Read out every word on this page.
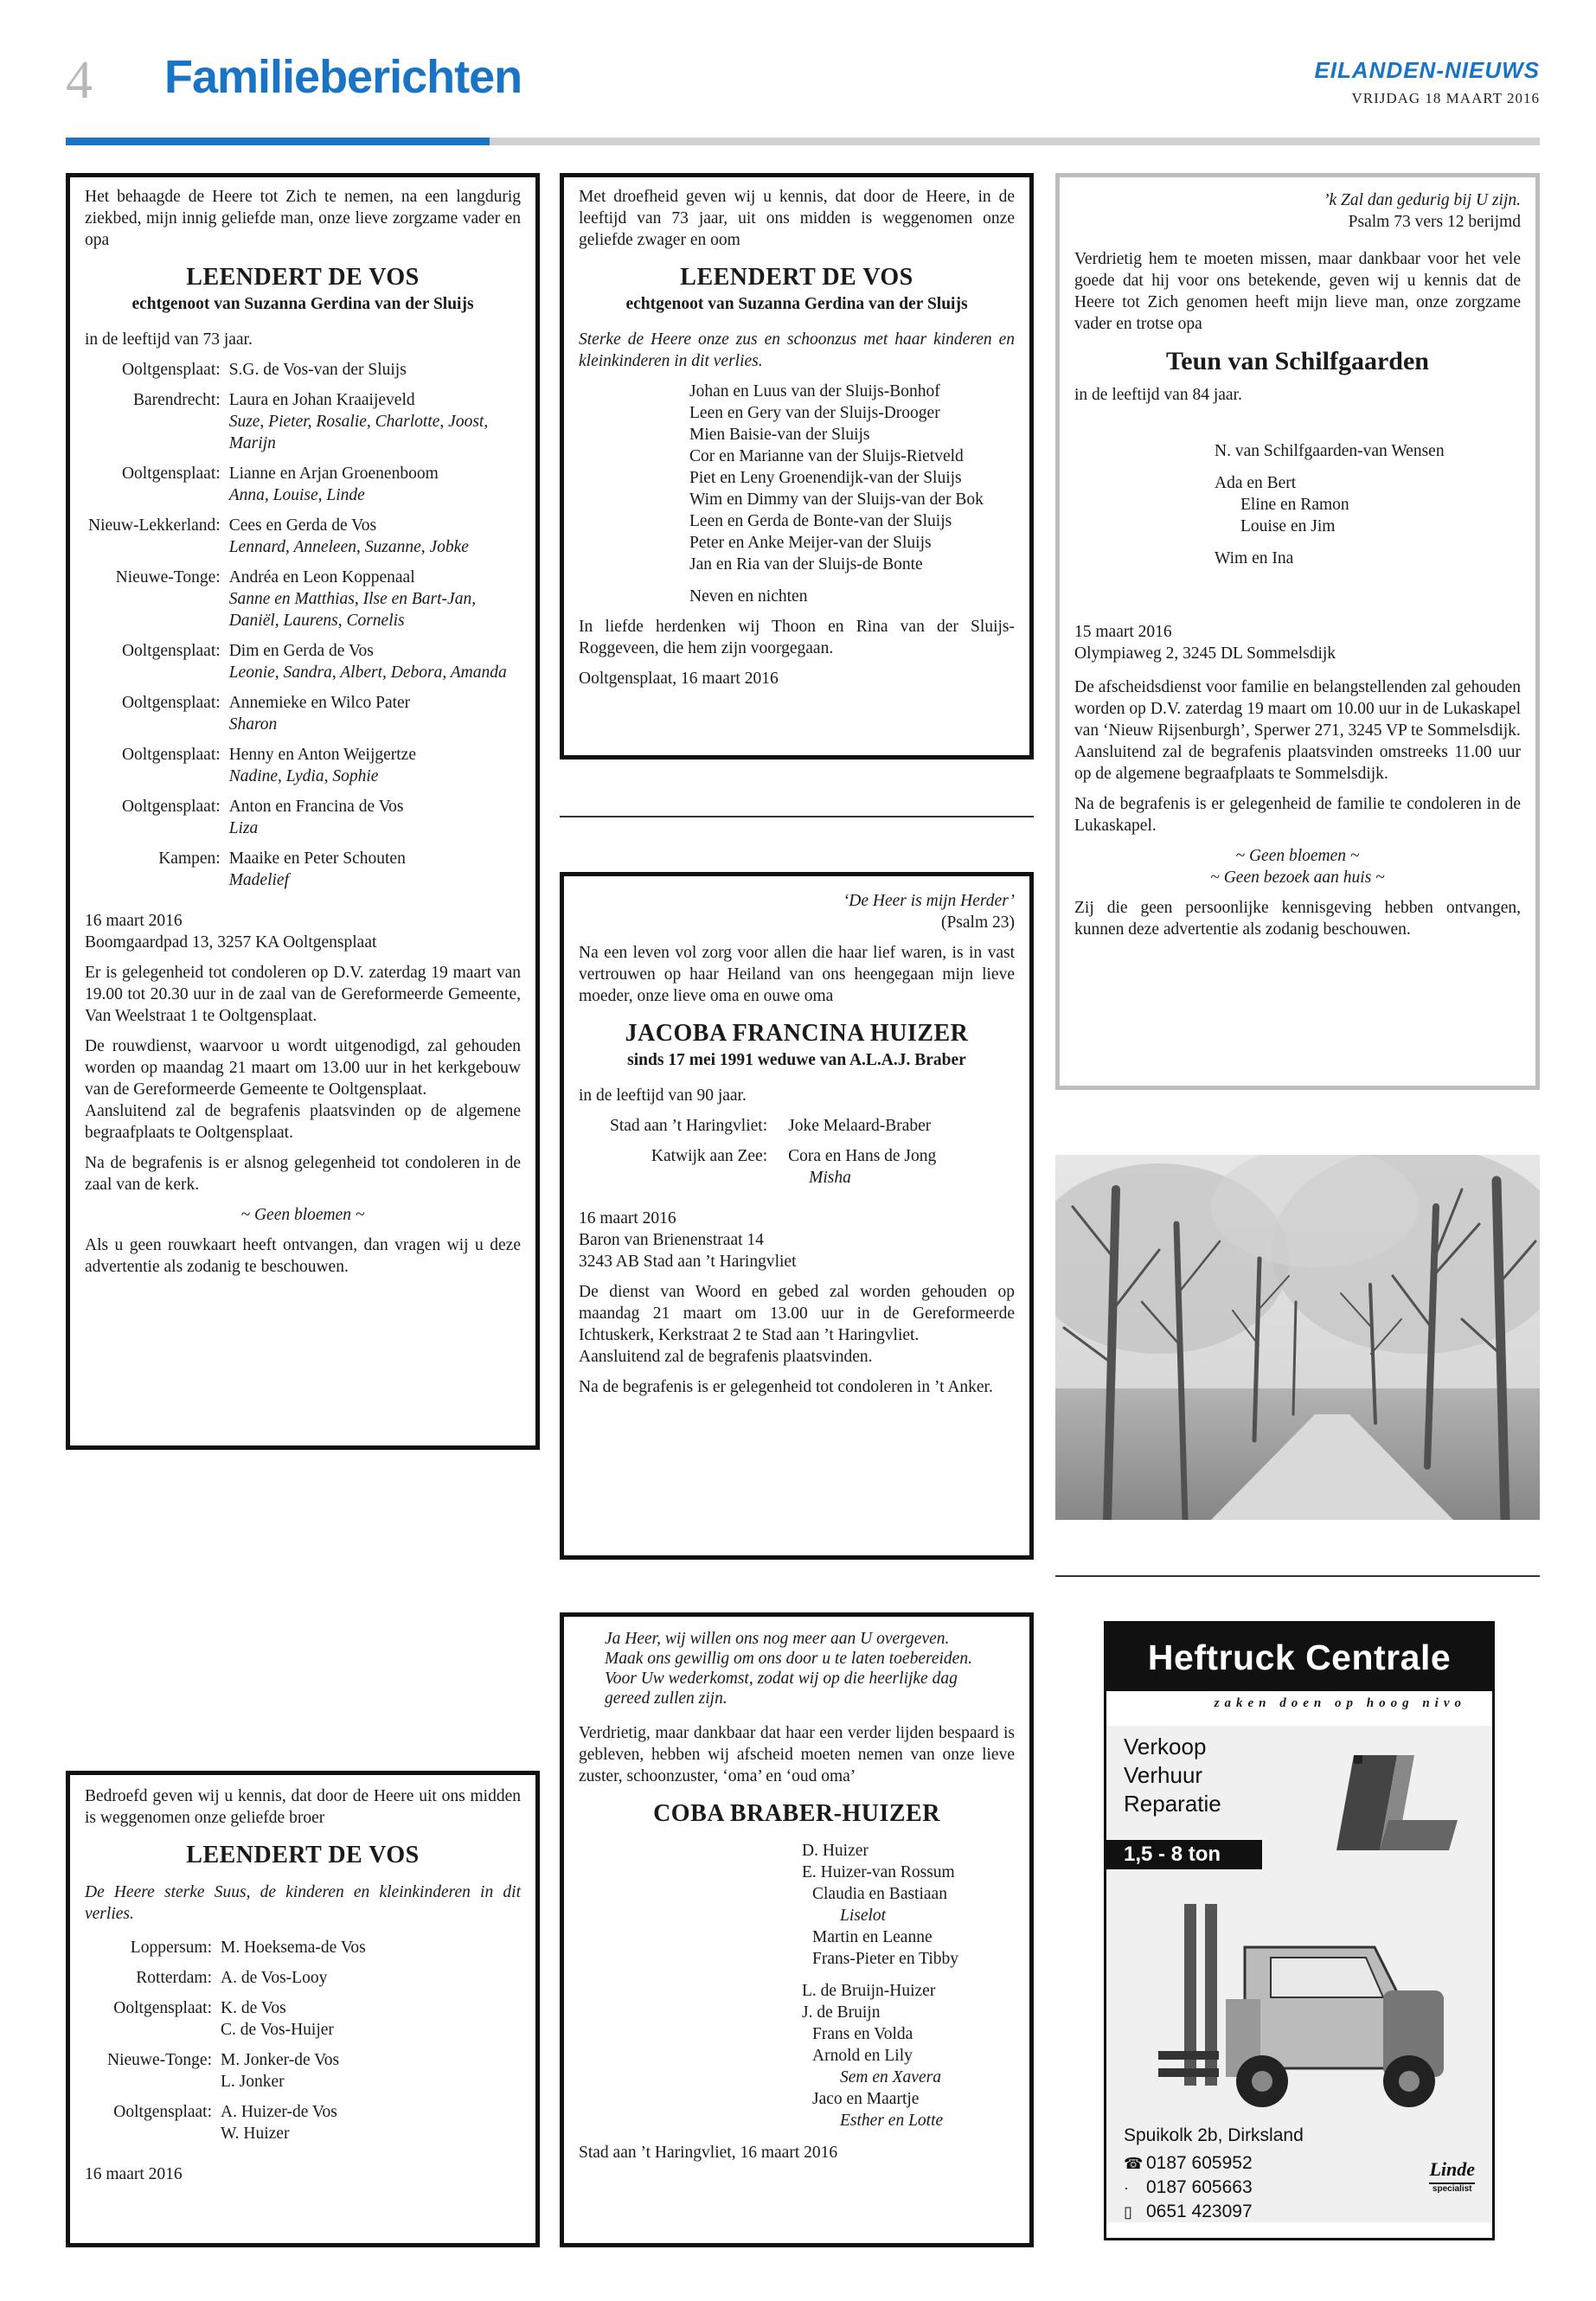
4 Familieberichten	EILANDEN-NIEUWS
VRIJDAG 18 MAART 2016

Het behaagde de Heere tot Zich te nemen, na een langdurig ziekbed, mijn innig geliefde man, onze lieve zorgzame vader en opa

LEENDERT DE VOS
echtgenoot van Suzanna Gerdina van der Sluijs

in de leeftijd van 73 jaar.

Ooltgensplaat:	S.G. de Vos-van der Sluijs
Barendrecht:	Laura en Johan Kraaijeveld
Suze, Pieter, Rosalie, Charlotte, Joost, Marijn

Ooltgensplaat:	Lianne en Arjan Groenenboom
Anna, Louise, Linde

Nieuw-Lekkerland:	Cees en Gerda de Vos
Lennard, Anneleen, Suzanne, Jobke

Nieuwe-Tonge:	Andréa en Leon Koppenaal
Sanne en Matthias, Ilse en Bart-Jan, Daniël, Laurens, Cornelis

Ooltgensplaat:	Dim en Gerda de Vos
Leonie, Sandra, Albert, Debora, Amanda

Ooltgensplaat:	Annemieke en Wilco Pater
Sharon

Ooltgensplaat:	Henny en Anton Weijgertze
Nadine, Lydia, Sophie

Ooltgensplaat:	Anton en Francina de Vos
Liza

Kampen:	Maaike en Peter Schouten
Madelief

16 maart 2016
Boomgaardpad 13, 3257 KA Ooltgensplaat

Er is gelegenheid tot condoleren op D.V. zaterdag 19 maart van 19.00 tot 20.30 uur in de zaal van de Gereformeerde Gemeente, Van Weelstraat 1 te Ooltgensplaat.

De rouwdienst, waarvoor u wordt uitgenodigd, zal gehouden worden op maandag 21 maart om 13.00 uur in het kerkgebouw van de Gereformeerde Gemeente te Ooltgensplaat.
Aansluitend zal de begrafenis plaatsvinden op de algemene begraafplaats te Ooltgensplaat.

Na de begrafenis is er alsnog gelegenheid tot condoleren in de zaal van de kerk.

~ Geen bloemen ~

Als u geen rouwkaart heeft ontvangen, dan vragen wij u deze advertentie als zodanig te beschouwen.

Met droefheid geven wij u kennis, dat door de Heere, in de leeftijd van 73 jaar, uit ons midden is weggenomen onze geliefde zwager en oom

LEENDERT DE VOS
echtgenoot van Suzanna Gerdina van der Sluijs

Sterke de Heere onze zus en schoonzus met haar kinderen en kleinkinderen in dit verlies.

Johan en Luus van der Sluijs-Bonhof
Leen en Gery van der Sluijs-Drooger
Mien Baisie-van der Sluijs
Cor en Marianne van der Sluijs-Rietveld
Piet en Leny Groenendijk-van der Sluijs
Wim en Dimmy van der Sluijs-van der Bok
Leen en Gerda de Bonte-van der Sluijs
Peter en Anke Meijer-van der Sluijs
Jan en Ria van der Sluijs-de Bonte

Neven en nichten

In liefde herdenken wij Thoon en Rina van der Sluijs-Roggeveen, die hem zijn voorgegaan.

Ooltgensplaat, 16 maart 2016

‘De Heer is mijn Herder’

(Psalm 23)

Na een leven vol zorg voor allen die haar lief waren, is in vast vertrouwen op haar Heiland van ons heengegaan mijn lieve moeder, onze lieve oma en ouwe oma

JACOBA FRANCINA HUIZER
sinds 17 mei 1991 weduwe van A.L.A.J. Braber

in de leeftijd van 90 jaar.

Stad aan ’t Haringvliet:	Joke Melaard-Braber
Katwijk aan Zee:	Cora en Hans de Jong
Misha

16 maart 2016
Baron van Brienenstraat 14
3243 AB Stad aan ’t Haringvliet

De dienst van Woord en gebed zal worden gehouden op maandag 21 maart om 13.00 uur in de Gereformeerde Ichtuskerk, Kerkstraat 2 te Stad aan ’t Haringvliet.
Aansluitend zal de begrafenis plaatsvinden.

Na de begrafenis is er gelegenheid tot condoleren in ’t Anker.

’k Zal dan gedurig bij U zijn.

Psalm 73 vers 12 berijmd

Verdrietig hem te moeten missen, maar dankbaar voor het vele goede dat hij voor ons betekende, geven wij u kennis dat de Heere tot Zich genomen heeft mijn lieve man, onze zorgzame vader en trotse opa

Teun van Schilfgaarden

in de leeftijd van 84 jaar.

N. van Schilfgaarden-van Wensen
Ada en Bert
Eline en Ramon
Louise en Jim
Wim en Ina

15 maart 2016
Olympiaweg 2, 3245 DL Sommelsdijk

De afscheidsdienst voor familie en belangstellenden zal gehouden worden op D.V. zaterdag 19 maart om 10.00 uur in de Lukaskapel van ‘Nieuw Rijsenburgh’, Sperwer 271, 3245 VP te Sommelsdijk.
Aansluitend zal de begrafenis plaatsvinden omstreeks 11.00 uur op de algemene begraafplaats te Sommelsdijk.

Na de begrafenis is er gelegenheid de familie te condoleren in de Lukaskapel.

~ Geen bloemen ~

~ Geen bezoek aan huis ~

Zij die geen persoonlijke kennisgeving hebben ontvangen, kunnen deze advertentie als zodanig beschouwen.

Bedroefd geven wij u kennis, dat door de Heere uit ons midden is weggenomen onze geliefde broer

LEENDERT DE VOS

De Heere sterke Suus, de kinderen en kleinkinderen in dit verlies.

Loppersum:	M. Hoeksema-de Vos
Rotterdam:	A. de Vos-Looy
Ooltgensplaat:	K. de Vos
C. de Vos-Huijer
Nieuwe-Tonge:	M. Jonker-de Vos
L. Jonker
Ooltgensplaat:	A. Huizer-de Vos
W. Huizer

16 maart 2016

Ja Heer, wij willen ons nog meer aan U overgeven. Maak ons gewillig om ons door u te laten toebereiden. Voor Uw wederkomst, zodat wij op die heerlijke dag gereed zullen zijn.

Verdrietig, maar dankbaar dat haar een verder lijden bespaard is gebleven, hebben wij afscheid moeten nemen van onze lieve zuster, schoonzuster, ‘oma’ en ‘oud oma’

COBA BRABER-HUIZER
D. Huizer
E. Huizer-van Rossum
Claudia en Bastiaan
Liselot
Martin en Leanne
Frans-Pieter en Tibby
L. de Bruijn-Huizer
J. de Bruijn
Frans en Volda
Arnold en Lily
Sem en Xavera
Jaco en Maartje
Esther en Lotte

Stad aan ’t Haringvliet, 16 maart 2016

Heftruck Centrale
zaken doen op hoog nivo
Verkoop
Verhuur
Reparatie
1,5 - 8 ton
Spuikolk 2b, Dirksland
☎ 0187 605952
· 0187 605663
▯ 0651 423097
Linde
specialist
